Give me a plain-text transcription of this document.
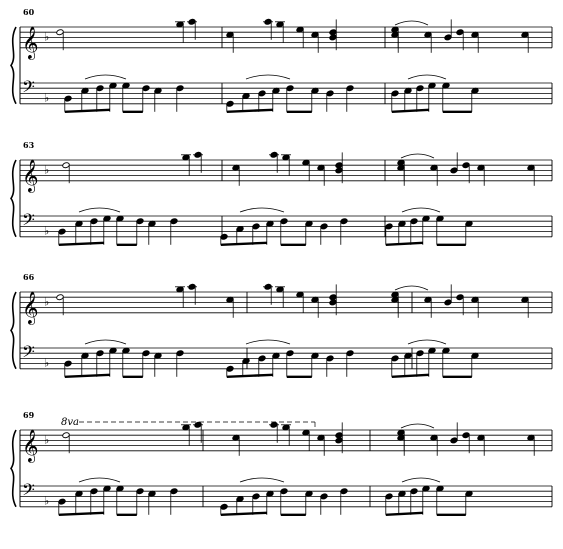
𝄞
𝄢
♭
♭
60
𝄞
𝄢
♭
♭
63
𝄞
𝄢
♭
♭
66
𝄞
𝄢
♭
♭
69
8va
